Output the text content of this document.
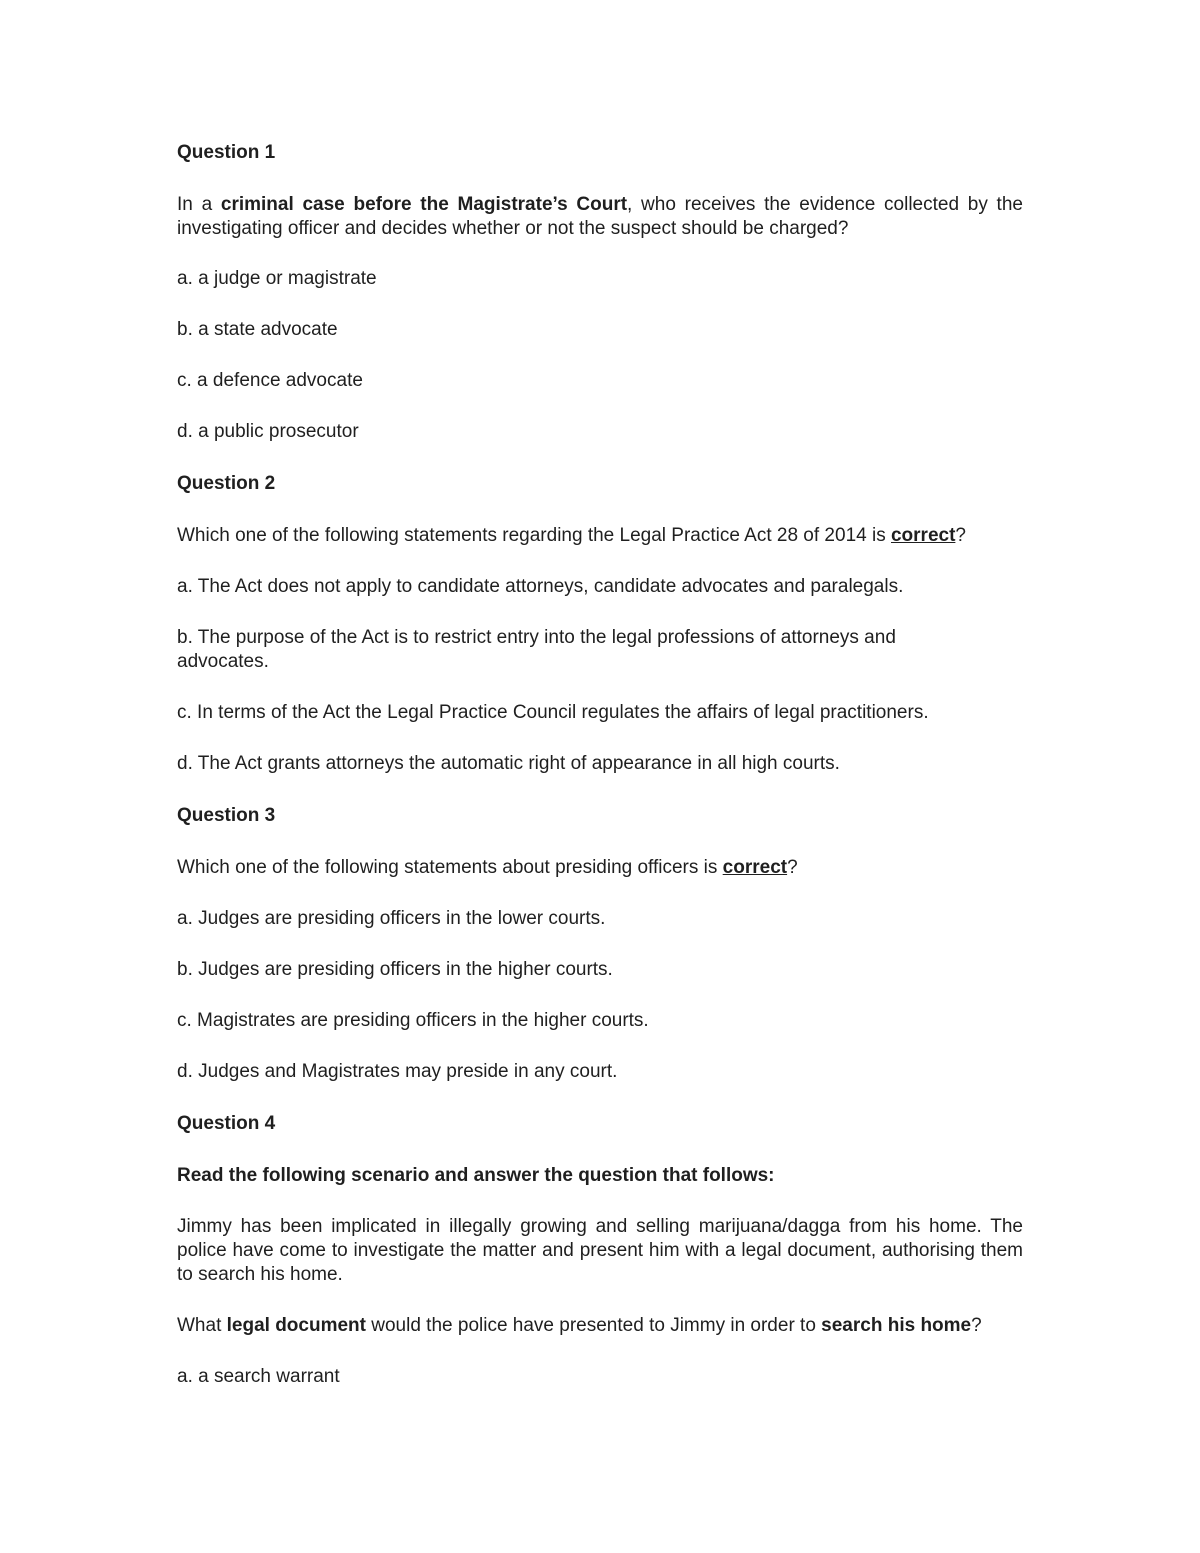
Question 1
In a criminal case before the Magistrate’s Court, who receives the evidence collected by the investigating officer and decides whether or not the suspect should be charged?
a. a judge or magistrate
b. a state advocate
c. a defence advocate
d. a public prosecutor
Question 2
Which one of the following statements regarding the Legal Practice Act 28 of 2014 is correct?
a. The Act does not apply to candidate attorneys, candidate advocates and paralegals.
b. The purpose of the Act is to restrict entry into the legal professions of attorneys and advocates.
c. In terms of the Act the Legal Practice Council regulates the affairs of legal practitioners.
d. The Act grants attorneys the automatic right of appearance in all high courts.
Question 3
Which one of the following statements about presiding officers is correct?
a. Judges are presiding officers in the lower courts.
b. Judges are presiding officers in the higher courts.
c. Magistrates are presiding officers in the higher courts.
d. Judges and Magistrates may preside in any court.
Question 4
Read the following scenario and answer the question that follows:
Jimmy has been implicated in illegally growing and selling marijuana/dagga from his home. The police have come to investigate the matter and present him with a legal document, authorising them to search his home.
What legal document would the police have presented to Jimmy in order to search his home?
a. a search warrant
